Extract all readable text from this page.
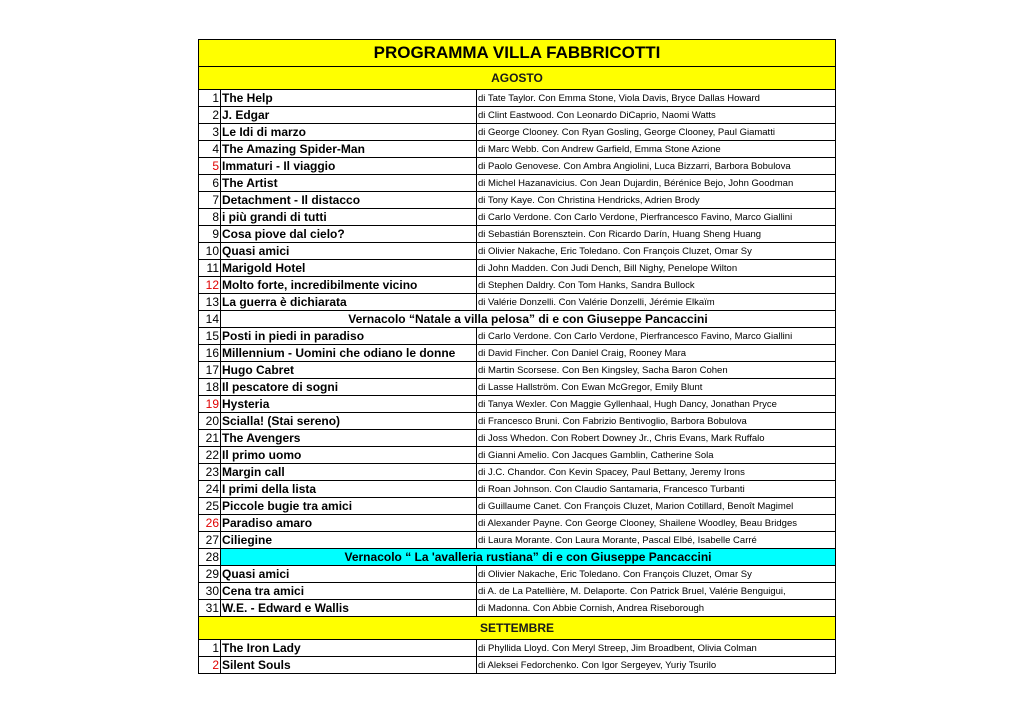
PROGRAMMA VILLA FABBRICOTTI		
AGOSTO		
1	The Help	di Tate Taylor. Con Emma Stone, Viola Davis, Bryce Dallas Howard
2	J. Edgar	di Clint Eastwood. Con Leonardo DiCaprio, Naomi Watts
3	Le Idi di marzo	di George Clooney. Con Ryan Gosling, George Clooney, Paul Giamatti
4	The Amazing Spider-Man	di Marc Webb. Con Andrew Garfield, Emma Stone Azione
5	Immaturi - Il viaggio	di Paolo Genovese. Con Ambra Angiolini, Luca Bizzarri, Barbora Bobulova
6	The Artist	di Michel Hazanavicius. Con Jean Dujardin, Bérénice Bejo, John Goodman
7	Detachment - Il distacco	di Tony Kaye. Con Christina Hendricks, Adrien Brody
8	i più grandi di tutti	di Carlo Verdone. Con Carlo Verdone, Pierfrancesco Favino, Marco Giallini
9	Cosa piove dal cielo?	di Sebastián Borensztein. Con Ricardo Darín, Huang Sheng Huang
10	Quasi amici	di Olivier Nakache, Eric Toledano. Con François Cluzet, Omar Sy
11	Marigold Hotel	di John Madden. Con Judi Dench, Bill Nighy, Penelope Wilton
12	Molto forte, incredibilmente vicino	di Stephen Daldry. Con Tom Hanks, Sandra Bullock
13	La guerra è dichiarata	di Valérie Donzelli. Con Valérie Donzelli, Jérémie Elkaïm
14	Vernacolo “Natale a villa pelosa” di e con Giuseppe Pancaccini	
15	Posti in piedi in paradiso	di Carlo Verdone. Con Carlo Verdone, Pierfrancesco Favino, Marco Giallini
16	Millennium - Uomini che odiano le donne	di David Fincher. Con Daniel Craig, Rooney Mara
17	Hugo Cabret	di Martin Scorsese. Con Ben Kingsley, Sacha Baron Cohen
18	Il pescatore di sogni	di Lasse Hallström. Con Ewan McGregor, Emily Blunt
19	Hysteria	di Tanya Wexler. Con Maggie Gyllenhaal, Hugh Dancy, Jonathan Pryce
20	Scialla! (Stai sereno)	di Francesco Bruni. Con Fabrizio Bentivoglio, Barbora Bobulova
21	The Avengers	di Joss Whedon. Con Robert Downey Jr., Chris Evans, Mark Ruffalo
22	Il primo uomo	di Gianni Amelio. Con Jacques Gamblin, Catherine Sola
23	Margin call	di J.C. Chandor. Con Kevin Spacey, Paul Bettany, Jeremy Irons
24	I primi della lista	di Roan Johnson. Con Claudio Santamaria, Francesco Turbanti
25	Piccole bugie tra amici	di Guillaume Canet. Con François Cluzet, Marion Cotillard, Benoît Magimel
26	Paradiso amaro	di Alexander Payne. Con George Clooney, Shailene Woodley, Beau Bridges
27	Ciliegine	di Laura Morante. Con Laura Morante, Pascal Elbé, Isabelle Carré
28	Vernacolo “ La 'avalleria rustiana” di e con Giuseppe Pancaccini	
29	Quasi amici	di Olivier Nakache, Eric Toledano. Con François Cluzet, Omar Sy
30	Cena tra amici	di A. de La Patellière, M. Delaporte. Con Patrick Bruel, Valérie Benguigui,
31	W.E. - Edward e Wallis	di Madonna. Con Abbie Cornish, Andrea Riseborough
SETTEMBRE		
1	The Iron Lady	di Phyllida Lloyd. Con Meryl Streep, Jim Broadbent, Olivia Colman
2	Silent Souls	di Aleksei Fedorchenko. Con Igor Sergeyev, Yuriy Tsurilo
